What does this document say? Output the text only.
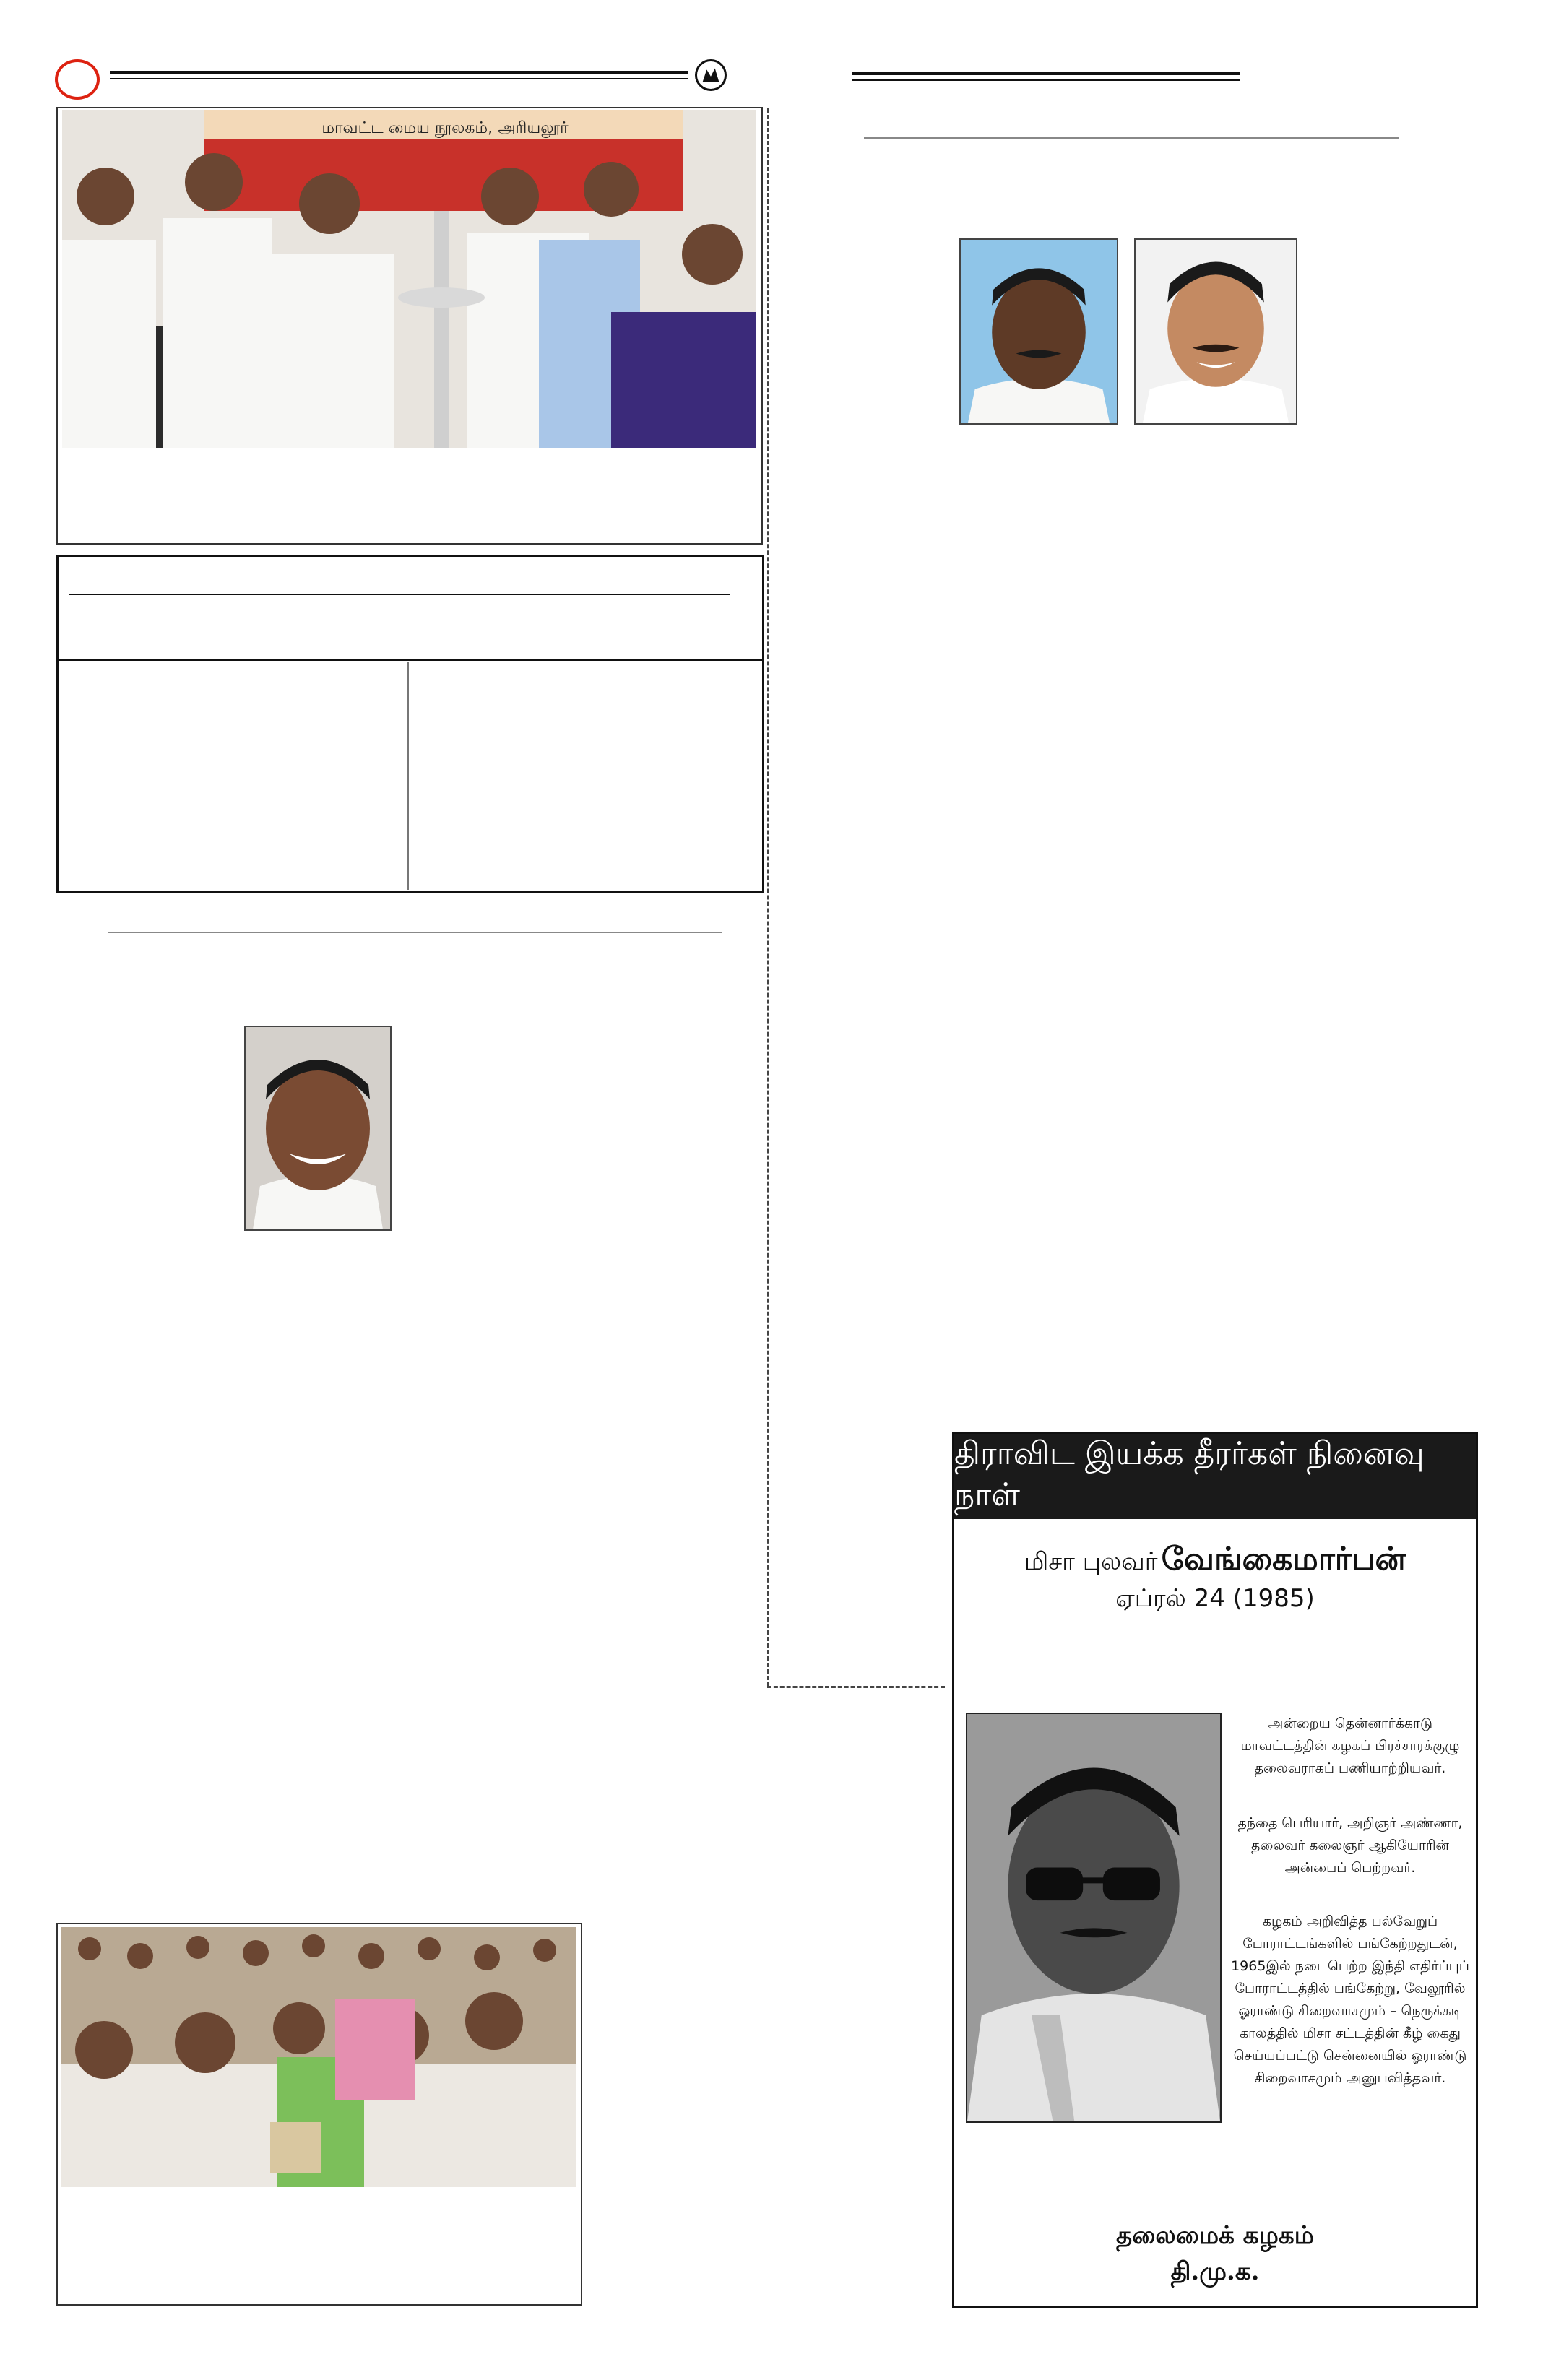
மாவட்ட மைய நூலகம், அரியலூர்
திராவிட இயக்க தீரர்கள் நினைவு நாள்
மிசா புலவர் வேங்கைமார்பன்
ஏப்ரல் 24 (1985)
அன்றைய தென்னார்க்காடு மாவட்டத்தின் கழகப் பிரச்சாரக்குழு தலைவராகப் பணியாற்றியவர்.
தந்தை பெரியார், அறிஞர் அண்ணா, தலைவர் கலைஞர் ஆகியோரின் அன்பைப் பெற்றவர்.
கழகம் அறிவித்த பல்வேறுப் போராட்டங்களில் பங்கேற்றதுடன், 1965இல் நடைபெற்ற இந்தி எதிர்ப்புப் போராட்டத்தில் பங்கேற்று, வேலூரில் ஓராண்டு சிறைவாசமும் – நெருக்கடி காலத்தில் மிசா சட்டத்தின் கீழ் கைது செய்யப்பட்டு சென்னையில் ஓராண்டு சிறைவாசமும் அனுபவித்தவர்.
தலைமைக் கழகம்
தி.மு.க.
